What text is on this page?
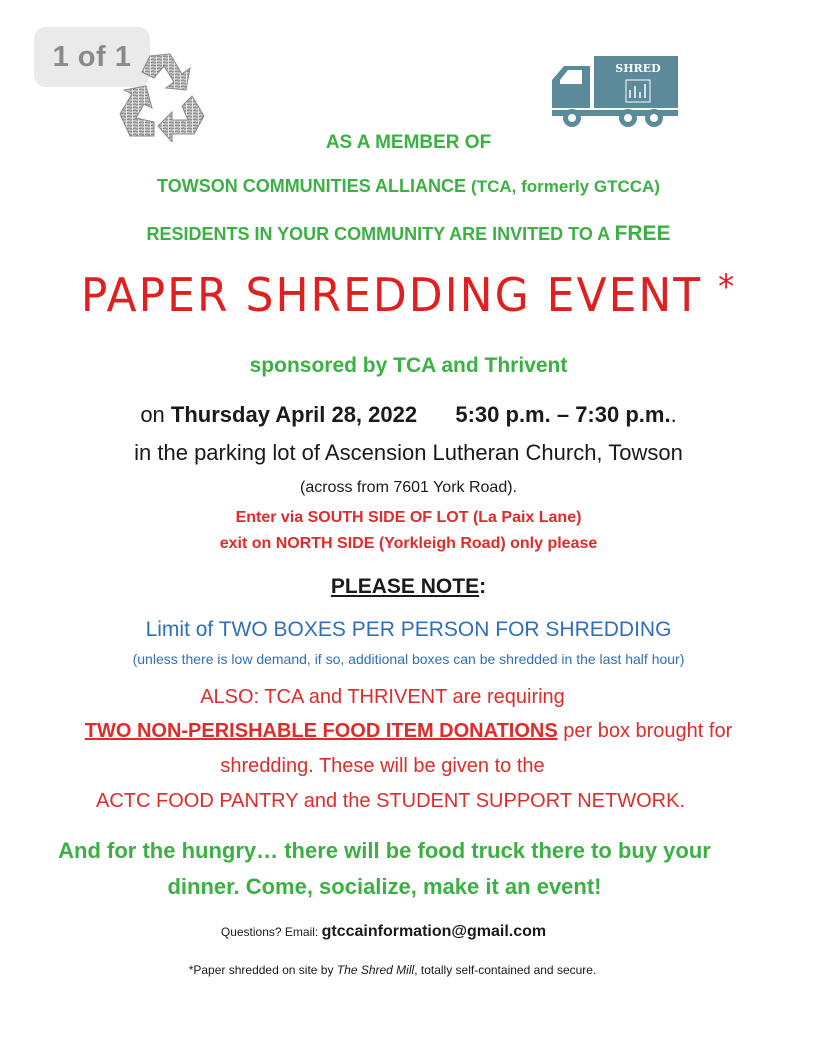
1 of 1	SHRED
AS A MEMBER OF
TOWSON COMMUNITIES ALLIANCE (TCA, formerly GTCCA)
RESIDENTS IN YOUR COMMUNITY ARE INVITED TO A FREE
PAPER SHREDDING EVENT *
sponsored by TCA and Thrivent
on Thursday April 28, 2022 5:30 p.m. – 7:30 p.m..
in the parking lot of Ascension Lutheran Church, Towson
(across from 7601 York Road).
Enter via SOUTH SIDE OF LOT (La Paix Lane)
exit on NORTH SIDE (Yorkleigh Road) only please
PLEASE NOTE:
Limit of TWO BOXES PER PERSON FOR SHREDDING
(unless there is low demand, if so, additional boxes can be shredded in the last half hour)
ALSO: TCA and THRIVENT are requiring
TWO NON-PERISHABLE FOOD ITEM DONATIONS per box brought for
shredding. These will be given to the
ACTC FOOD PANTRY and the STUDENT SUPPORT NETWORK.
And for the hungry… there will be food truck there to buy your
dinner. Come, socialize, make it an event!
Questions? Email: gtccainformation@gmail.com
*Paper shredded on site by The Shred Mill, totally self-contained and secure.
